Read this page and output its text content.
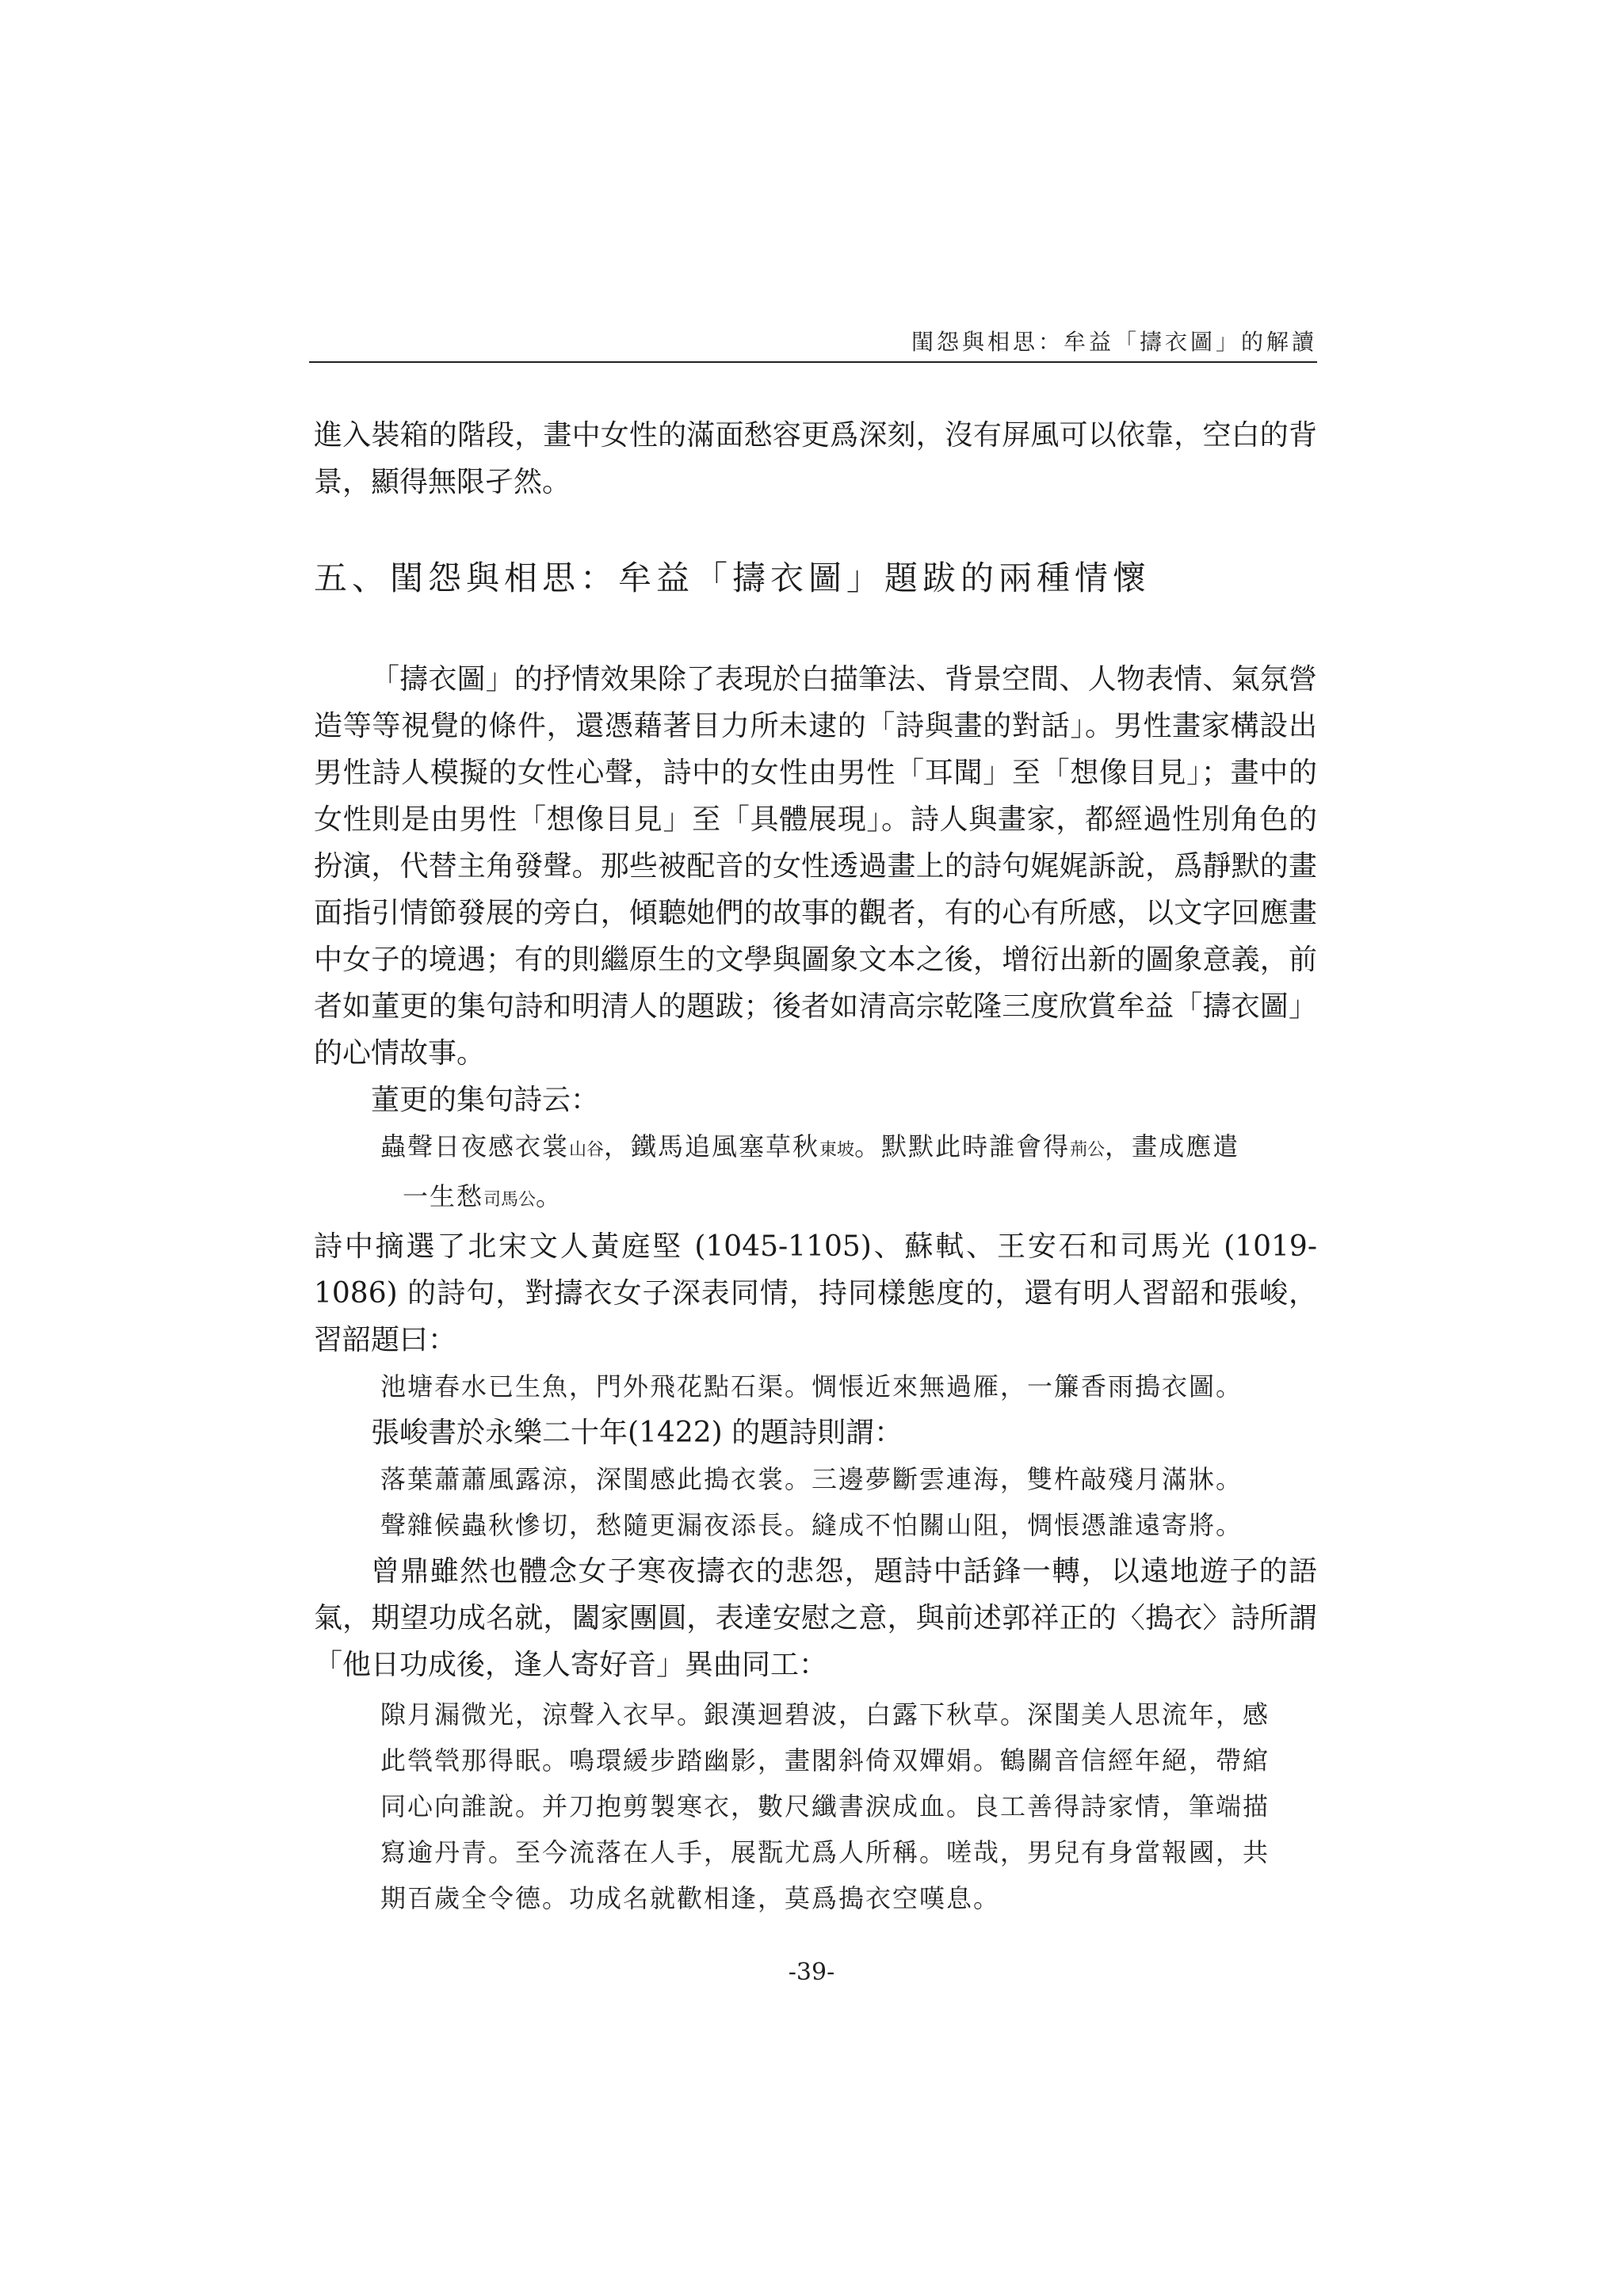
閨怨與相思：牟益「擣衣圖」的解讀

進入裝箱的階段，畫中女性的滿面愁容更爲深刻，沒有屏風可以依靠，空白的背景，顯得無限孑然。

五、閨怨與相思：牟益「擣衣圖」題跋的兩種情懷

「擣衣圖」的抒情效果除了表現於白描筆法、背景空間、人物表情、氣氛營造等等視覺的條件，還憑藉著目力所未逮的「詩與畫的對話」。男性畫家構設出男性詩人模擬的女性心聲，詩中的女性由男性「耳聞」至「想像目見」；畫中的女性則是由男性「想像目見」至「具體展現」。詩人與畫家，都經過性別角色的扮演，代替主角發聲。那些被配音的女性透過畫上的詩句娓娓訴說，爲靜默的畫面指引情節發展的旁白，傾聽她們的故事的觀者，有的心有所感，以文字回應畫中女子的境遇；有的則繼原生的文學與圖象文本之後，增衍出新的圖象意義，前者如董更的集句詩和明清人的題跋；後者如清高宗乾隆三度欣賞牟益「擣衣圖」的心情故事。

董更的集句詩云：

蟲聲日夜感衣裳山谷，鐵馬追風塞草秋東坡。默默此時誰會得荊公，畫成應遣
一生愁司馬公。

詩中摘選了北宋文人黃庭堅 (1045-1105)、蘇軾、王安石和司馬光 (1019-1086) 的詩句，對擣衣女子深表同情，持同樣態度的，還有明人習韶和張峻，習韶題曰：

池塘春水已生魚，門外飛花點石渠。惆悵近來無過雁，一簾香雨搗衣圖。

張峻書於永樂二十年(1422) 的題詩則謂：

落葉蕭蕭風露涼，深閨感此搗衣裳。三邊夢斷雲連海，雙杵敲殘月滿牀。

聲雜候蟲秋慘切，愁隨更漏夜添長。縫成不怕關山阻，惆悵憑誰遠寄將。

曾鼎雖然也體念女子寒夜擣衣的悲怨，題詩中話鋒一轉，以遠地遊子的語氣，期望功成名就，闔家團圓，表達安慰之意，與前述郭祥正的〈搗衣〉詩所謂「他日功成後，逢人寄好音」異曲同工：

隙月漏微光，涼聲入衣早。銀漢迴碧波，白露下秋草。深閨美人思流年，感

此煢煢那得眠。鳴環緩步踏幽影，畫閣斜倚双嬋娟。鶴關音信經年絕，帶綰

同心向誰說。并刀抱剪製寒衣，數尺纖書淚成血。良工善得詩家情，筆端描

寫逾丹青。至今流落在人手，展翫尤爲人所稱。嗟哉，男兒有身當報國，共

期百歲全令德。功成名就歡相逢，莫爲搗衣空嘆息。

-39-
